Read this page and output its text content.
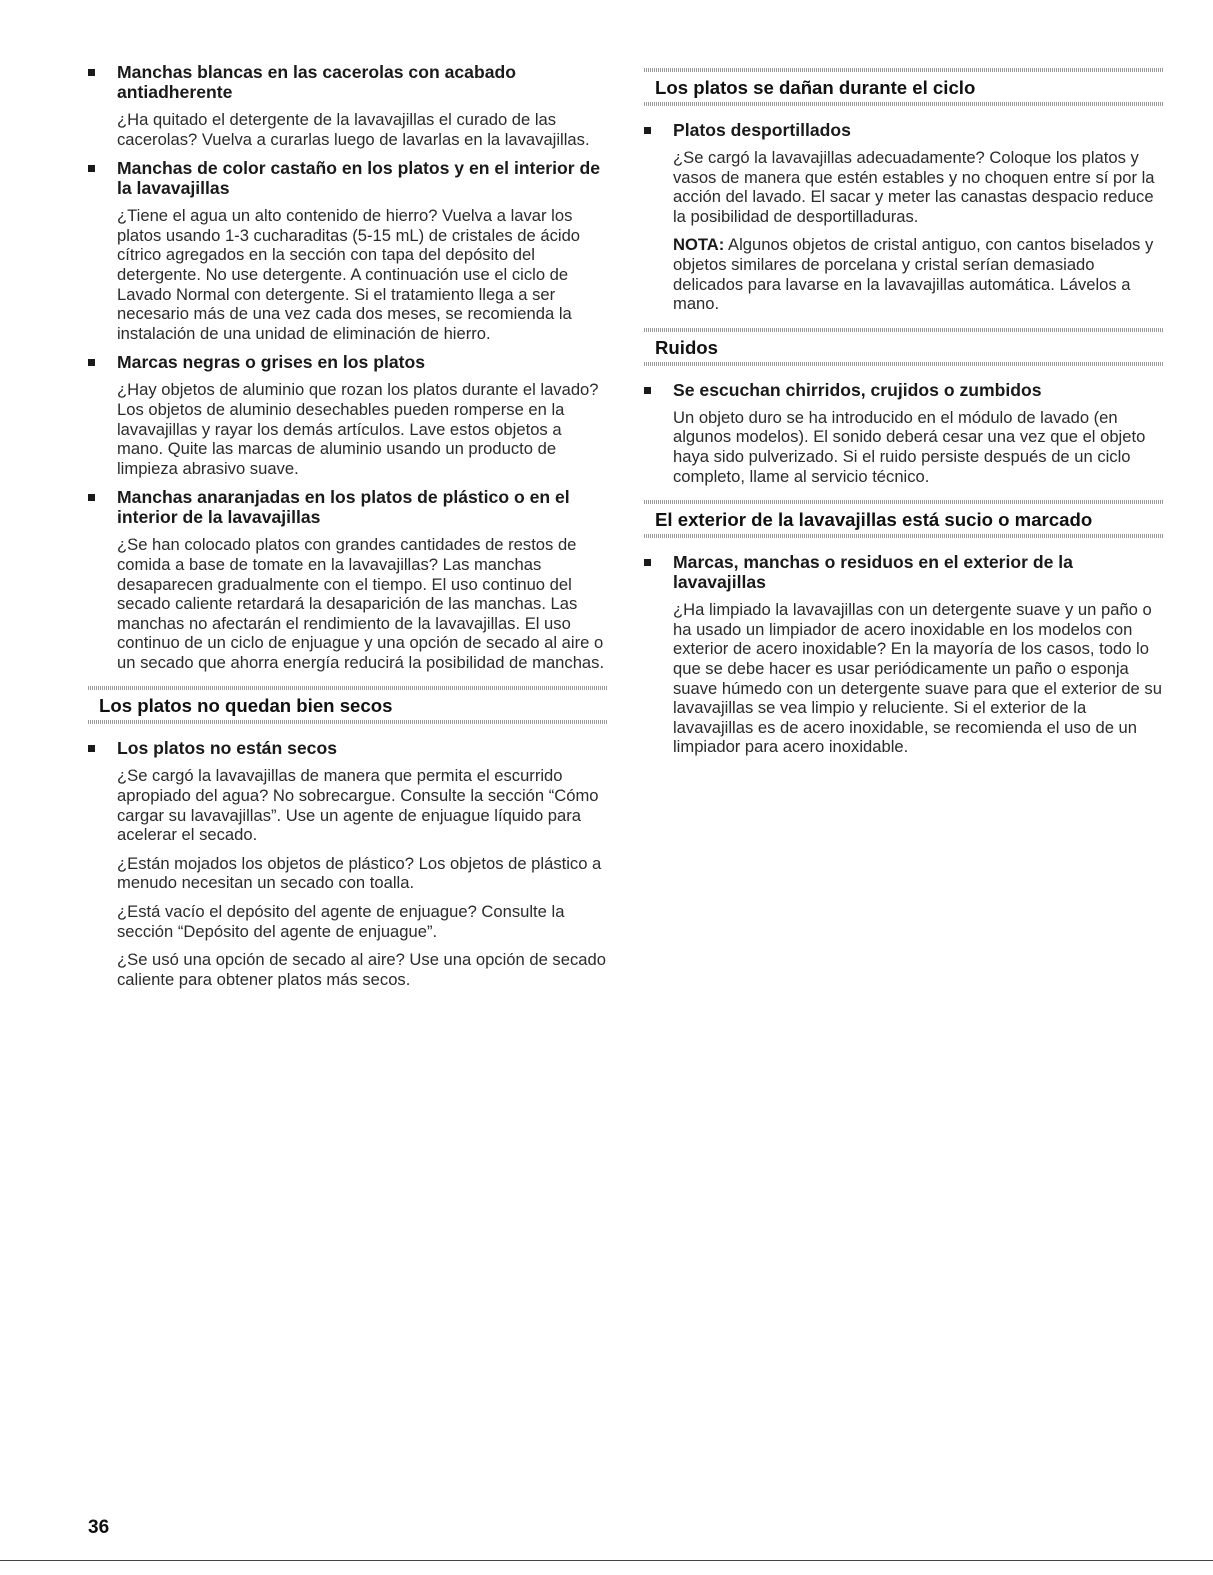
Manchas blancas en las cacerolas con acabado antiadherente

¿Ha quitado el detergente de la lavavajillas el curado de las cacerolas? Vuelva a curarlas luego de lavarlas en la lavavajillas.

Manchas de color castaño en los platos y en el interior de la lavavajillas

¿Tiene el agua un alto contenido de hierro? Vuelva a lavar los platos usando 1-3 cucharaditas (5-15 mL) de cristales de ácido cítrico agregados en la sección con tapa del depósito del detergente. No use detergente. A continuación use el ciclo de Lavado Normal con detergente. Si el tratamiento llega a ser necesario más de una vez cada dos meses, se recomienda la instalación de una unidad de eliminación de hierro.

Marcas negras o grises en los platos

¿Hay objetos de aluminio que rozan los platos durante el lavado? Los objetos de aluminio desechables pueden romperse en la lavavajillas y rayar los demás artículos. Lave estos objetos a mano. Quite las marcas de aluminio usando un producto de limpieza abrasivo suave.

Manchas anaranjadas en los platos de plástico o en el interior de la lavavajillas

¿Se han colocado platos con grandes cantidades de restos de comida a base de tomate en la lavavajillas? Las manchas desaparecen gradualmente con el tiempo. El uso continuo del secado caliente retardará la desaparición de las manchas. Las manchas no afectarán el rendimiento de la lavavajillas. El uso continuo de un ciclo de enjuague y una opción de secado al aire o un secado que ahorra energía reducirá la posibilidad de manchas.

Los platos no quedan bien secos
Los platos no están secos

¿Se cargó la lavavajillas de manera que permita el escurrido apropiado del agua? No sobrecargue. Consulte la sección “Cómo cargar su lavavajillas”. Use un agente de enjuague líquido para acelerar el secado.

¿Están mojados los objetos de plástico? Los objetos de plástico a menudo necesitan un secado con toalla.

¿Está vacío el depósito del agente de enjuague? Consulte la sección “Depósito del agente de enjuague”.

¿Se usó una opción de secado al aire? Use una opción de secado caliente para obtener platos más secos.

Los platos se dañan durante el ciclo
Platos desportillados

¿Se cargó la lavavajillas adecuadamente? Coloque los platos y vasos de manera que estén estables y no choquen entre sí por la acción del lavado. El sacar y meter las canastas despacio reduce la posibilidad de desportilladuras.

NOTA: Algunos objetos de cristal antiguo, con cantos biselados y objetos similares de porcelana y cristal serían demasiado delicados para lavarse en la lavavajillas automática. Lávelos a mano.

Ruidos
Se escuchan chirridos, crujidos o zumbidos

Un objeto duro se ha introducido en el módulo de lavado (en algunos modelos). El sonido deberá cesar una vez que el objeto haya sido pulverizado. Si el ruido persiste después de un ciclo completo, llame al servicio técnico.

El exterior de la lavavajillas está sucio o marcado
Marcas, manchas o residuos en el exterior de la lavavajillas

¿Ha limpiado la lavavajillas con un detergente suave y un paño o ha usado un limpiador de acero inoxidable en los modelos con exterior de acero inoxidable? En la mayoría de los casos, todo lo que se debe hacer es usar periódicamente un paño o esponja suave húmedo con un detergente suave para que el exterior de su lavavajillas se vea limpio y reluciente. Si el exterior de la lavavajillas es de acero inoxidable, se recomienda el uso de un limpiador para acero inoxidable.

36
